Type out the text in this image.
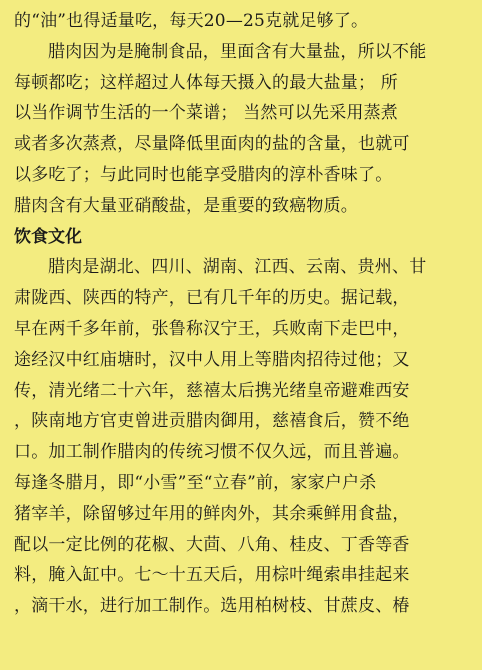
的“油”也得适量吃，每天20—25克就足够了。
腊肉因为是腌制食品，里面含有大量盐，所以不能
每顿都吃；这样超过人体每天摄入的最大盐量； 所
以当作调节生活的一个菜谱； 当然可以先采用蒸煮
或者多次蒸煮，尽量降低里面肉的盐的含量，也就可
以多吃了；与此同时也能享受腊肉的淳朴香味了。
腊肉含有大量亚硝酸盐，是重要的致癌物质。
饮食文化
腊肉是湖北、四川、湖南、江西、云南、贵州、甘
肃陇西、陕西的特产，已有几千年的历史。据记载，
早在两千多年前，张鲁称汉宁王，兵败南下走巴中，
途经汉中红庙塘时，汉中人用上等腊肉招待过他；又
传，清光绪二十六年，慈禧太后携光绪皇帝避难西安
，陕南地方官吏曾进贡腊肉御用，慈禧食后，赞不绝
口。加工制作腊肉的传统习惯不仅久远，而且普遍。
每逢冬腊月，即“小雪”至“立春”前，家家户户杀
猪宰羊，除留够过年用的鲜肉外，其余乘鲜用食盐，
配以一定比例的花椒、大茴、八角、桂皮、丁香等香
料，腌入缸中。七～十五天后，用棕叶绳索串挂起来
，滴干水，进行加工制作。选用柏树枝、甘蔗皮、椿
